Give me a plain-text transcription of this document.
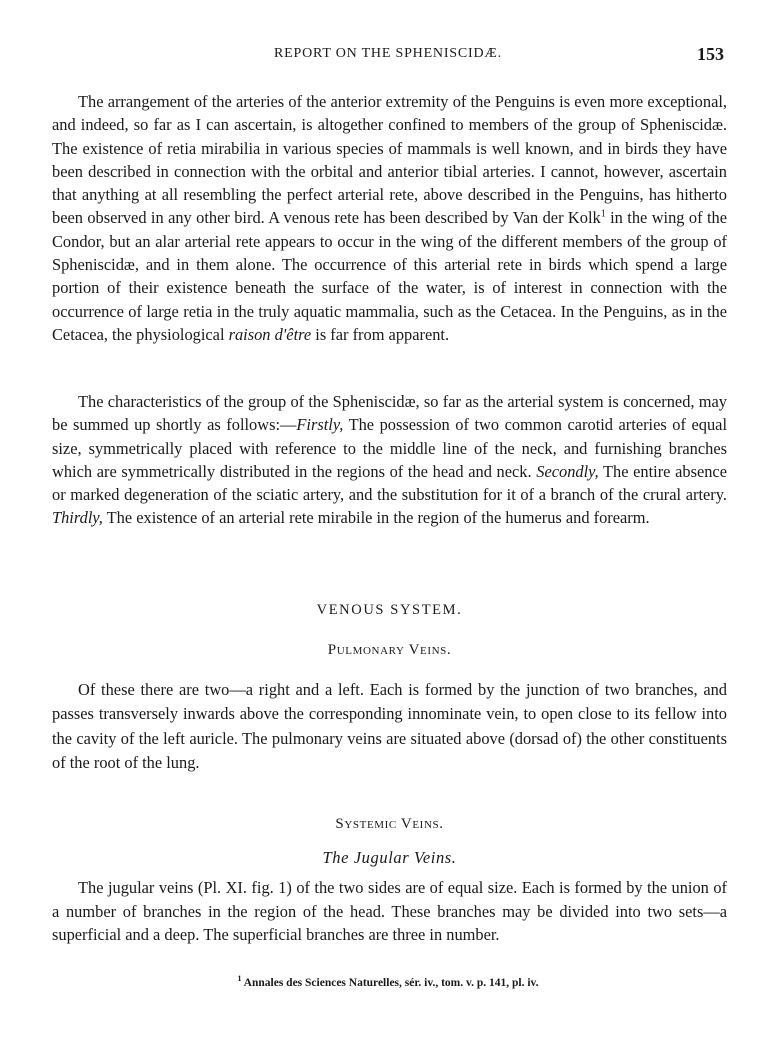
REPORT ON THE SPHENISCIDÆ.	153

The arrangement of the arteries of the anterior extremity of the Penguins is even more exceptional, and indeed, so far as I can ascertain, is altogether confined to members of the group of Spheniscidæ. The existence of retia mirabilia in various species of mammals is well known, and in birds they have been described in connection with the orbital and anterior tibial arteries. I cannot, however, ascertain that anything at all resembling the perfect arterial rete, above described in the Penguins, has hitherto been observed in any other bird. A venous rete has been described by Van der Kolk$^1$ in the wing of the Condor, but an alar arterial rete appears to occur in the wing of the different members of the group of Spheniscidæ, and in them alone. The occurrence of this arterial rete in birds which spend a large portion of their existence beneath the surface of the water, is of interest in connection with the occurrence of large retia in the truly aquatic mammalia, such as the Cetacea. In the Penguins, as in the Cetacea, the physiological raison d'être is far from apparent.

The characteristics of the group of the Spheniscidæ, so far as the arterial system is concerned, may be summed up shortly as follows:—Firstly, The possession of two common carotid arteries of equal size, symmetrically placed with reference to the middle line of the neck, and furnishing branches which are symmetrically distributed in the regions of the head and neck. Secondly, The entire absence or marked degeneration of the sciatic artery, and the substitution for it of a branch of the crural artery. Thirdly, The existence of an arterial rete mirabile in the region of the humerus and forearm.

VENOUS SYSTEM.
Pulmonary Veins.

Of these there are two—a right and a left. Each is formed by the junction of two branches, and passes transversely inwards above the corresponding innominate vein, to open close to its fellow into the cavity of the left auricle. The pulmonary veins are situated above (dorsad of) the other constituents of the root of the lung.

Systemic Veins.
The Jugular Veins.

The jugular veins (Pl. XI. fig. 1) of the two sides are of equal size. Each is formed by the union of a number of branches in the region of the head. These branches may be divided into two sets—a superficial and a deep. The superficial branches are three in number.

$^1$ Annales des Sciences Naturelles, sér. iv., tom. v. p. 141, pl. iv.
